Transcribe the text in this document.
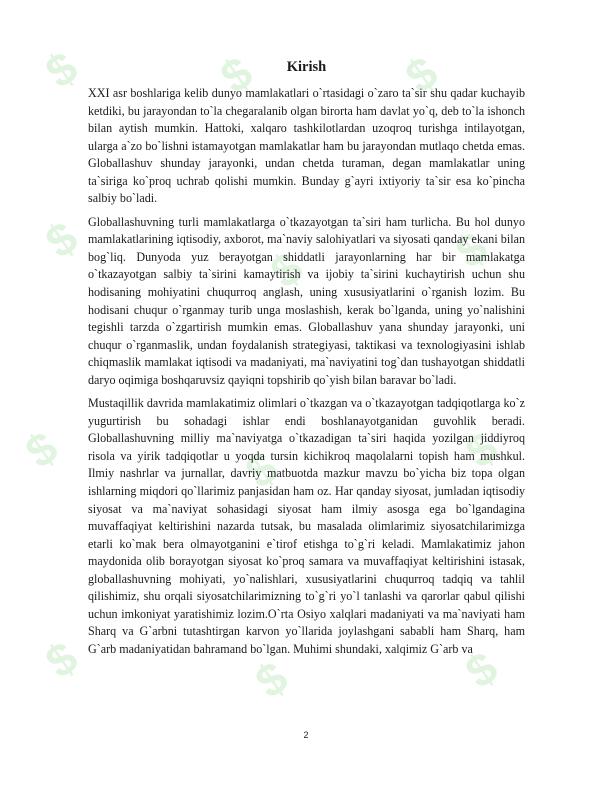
$	$	$
$
$	$
$	$	$
$	$	$
Kirish

XXI asr boshlariga kelib dunyo mamlakatlari o`rtasidagi o`zaro ta`sir shu qadar kuchayib ketdiki, bu jarayondan to`la chegaralanib olgan birorta ham davlat yo`q, deb to`la ishonch bilan aytish mumkin. Hattoki, xalqaro tashkilotlardan uzoqroq turishga intilayotgan, ularga a`zo bo`lishni istamayotgan mamlakatlar ham bu jarayondan mutlaqo chetda emas. Globallashuv shunday jarayonki, undan chetda turaman, degan mamlakatlar uning ta`siriga ko`proq uchrab qolishi mumkin. Bunday g`ayri ixtiyoriy ta`sir esa ko`pincha salbiy bo`ladi.

Globallashuvning turli mamlakatlarga o`tkazayotgan ta`siri ham turlicha. Bu hol dunyo mamlakatlarining iqtisodiy, axborot, ma`naviy salohiyatlari va siyosati qanday ekani bilan bog`liq. Dunyoda yuz berayotgan shiddatli jarayonlarning har bir mamlakatga o`tkazayotgan salbiy ta`sirini kamaytirish va ijobiy ta`sirini kuchaytirish uchun shu hodisaning mohiyatini chuqurroq anglash, uning xususiyatlarini o`rganish lozim. Bu hodisani chuqur o`rganmay turib unga moslashish, kerak bo`lganda, uning yo`nalishini tegishli tarzda o`zgartirish mumkin emas. Globallashuv yana shunday jarayonki, uni chuqur o`rganmaslik, undan foydalanish strategiyasi, taktikasi va texnologiyasini ishlab chiqmaslik mamlakat iqtisodi va madaniyati, ma`naviyatini tog`dan tushayotgan shiddatli daryo oqimiga boshqaruvsiz qayiqni topshirib qo`yish bilan baravar bo`ladi.

Mustaqillik davrida mamlakatimiz olimlari o`tkazgan va o`tkazayotgan tadqiqotlarga ko`z yugurtirish bu sohadagi ishlar endi boshlanayotganidan guvohlik beradi. Globallashuvning milliy ma`naviyatga o`tkazadigan ta`siri haqida yozilgan jiddiyroq risola va yirik tadqiqotlar u yoqda tursin kichikroq maqolalarni topish ham mushkul. Ilmiy nashrlar va jurnallar, davriy matbuotda mazkur mavzu bo`yicha biz topa olgan ishlarning miqdori qo`llarimiz panjasidan ham oz. Har qanday siyosat, jumladan iqtisodiy siyosat va ma`naviyat sohasidagi siyosat ham ilmiy asosga ega bo`lgandagina muvaffaqiyat keltirishini nazarda tutsak, bu masalada olimlarimiz siyosatchilarimizga etarli ko`mak bera olmayotganini e`tirof etishga to`g`ri keladi. Mamlakatimiz jahon maydonida olib borayotgan siyosat ko`proq samara va muvaffaqiyat keltirishini istasak, globallashuvning mohiyati, yo`nalishlari, xususiyatlarini chuqurroq tadqiq va tahlil qilishimiz, shu orqali siyosatchilarimizning to`g`ri yo`l tanlashi va qarorlar qabul qilishi uchun imkoniyat yaratishimiz lozim.O`rta Osiyo xalqlari madaniyati va ma`naviyati ham Sharq va G`arbni tutashtirgan karvon yo`llarida joylashgani sababli ham Sharq, ham G`arb madaniyatidan bahramand bo`lgan. Muhimi shundaki, xalqimiz G`arb va

2
